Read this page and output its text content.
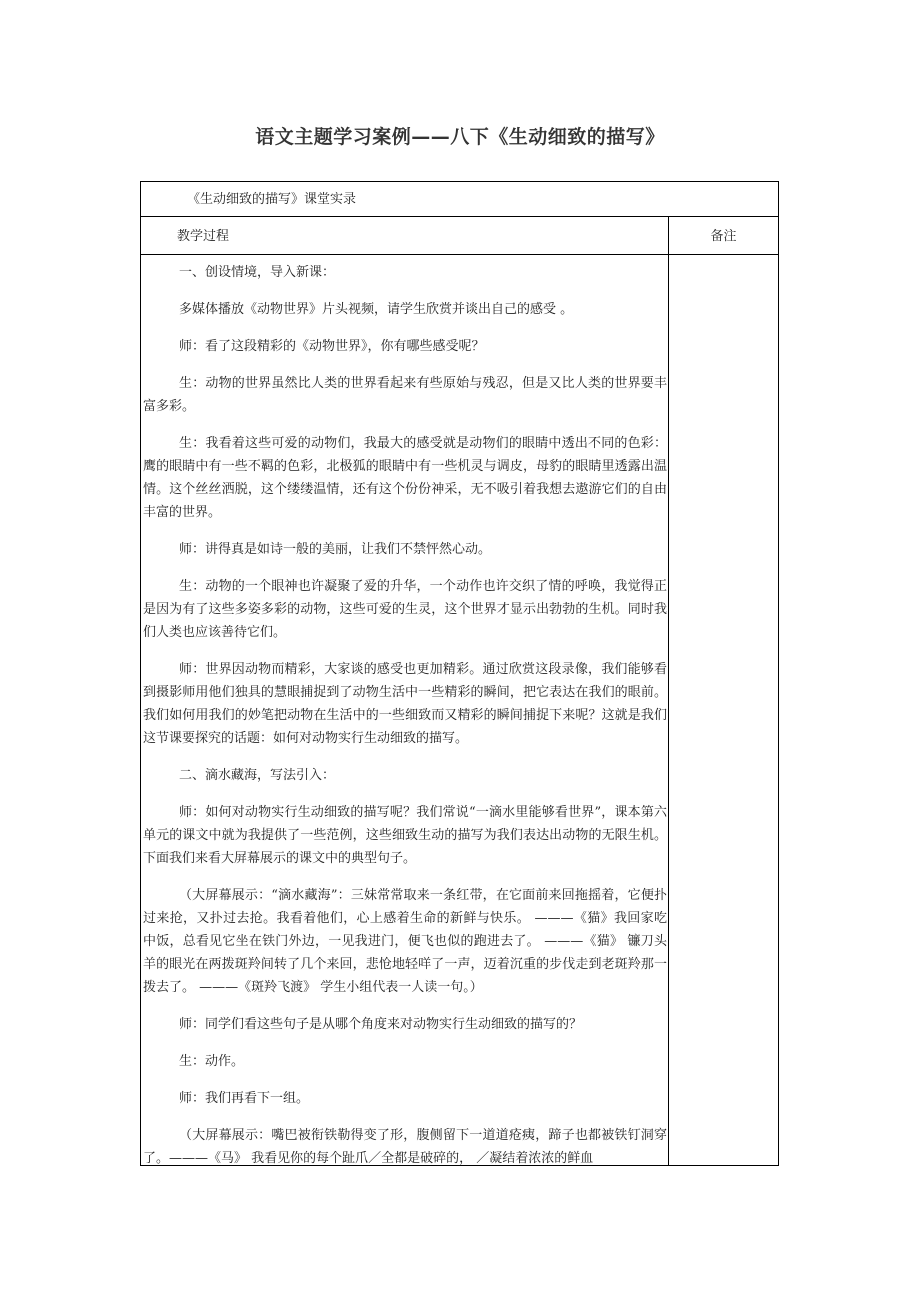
语文主题学习案例——八下《生动细致的描写》
《生动细致的描写》课堂实录
教学过程	备注

一、创设情境，导入新课：

多媒体播放《动物世界》片头视频，请学生欣赏并谈出自己的感受 。

师：看了这段精彩的《动物世界》，你有哪些感受呢？

生：动物的世界虽然比人类的世界看起来有些原始与残忍，但是又比人类的世界要丰富多彩。

生：我看着这些可爱的动物们，我最大的感受就是动物们的眼睛中透出不同的色彩：鹰的眼睛中有一些不羁的色彩，北极狐的眼睛中有一些机灵与调皮，母豹的眼睛里透露出温情。这个丝丝洒脱，这个缕缕温情，还有这个份份神采，无不吸引着我想去遨游它们的自由丰富的世界。

师：讲得真是如诗一般的美丽，让我们不禁怦然心动。

生：动物的一个眼神也许凝聚了爱的升华，一个动作也许交织了情的呼唤，我觉得正是因为有了这些多姿多彩的动物，这些可爱的生灵，这个世界才显示出勃勃的生机。同时我们人类也应该善待它们。

师：世界因动物而精彩，大家谈的感受也更加精彩。通过欣赏这段录像，我们能够看到摄影师用他们独具的慧眼捕捉到了动物生活中一些精彩的瞬间，把它表达在我们的眼前。我们如何用我们的妙笔把动物在生活中的一些细致而又精彩的瞬间捕捉下来呢？这就是我们这节课要探究的话题：如何对动物实行生动细致的描写。

二、滴水藏海，写法引入：

师：如何对动物实行生动细致的描写呢？我们常说“一滴水里能够看世界”，课本第六单元的课文中就为我提供了一些范例，这些细致生动的描写为我们表达出动物的无限生机。下面我们来看大屏幕展示的课文中的典型句子。

（大屏幕展示：“滴水藏海”：三妹常常取来一条红带，在它面前来回拖摇着，它便扑过来抢，又扑过去抢。我看着他们，心上感着生命的新鲜与快乐。 ———《猫》我回家吃中饭，总看见它坐在铁门外边，一见我进门，便飞也似的跑进去了。 ———《猫》 镰刀头羊的眼光在两拨斑羚间转了几个来回，悲怆地轻咩了一声，迈着沉重的步伐走到老斑羚那一拨去了。 ———《斑羚飞渡》 学生小组代表一人读一句。）

师：同学们看这些句子是从哪个角度来对动物实行生动细致的描写的？

生：动作。

师：我们再看下一组。

（大屏幕展示：嘴巴被衔铁勒得变了形，腹侧留下一道道疮痍，蹄子也都被铁钉洞穿了。———《马》 我看见你的每个趾爪／全都是破碎的， ／凝结着浓浓的鲜血
